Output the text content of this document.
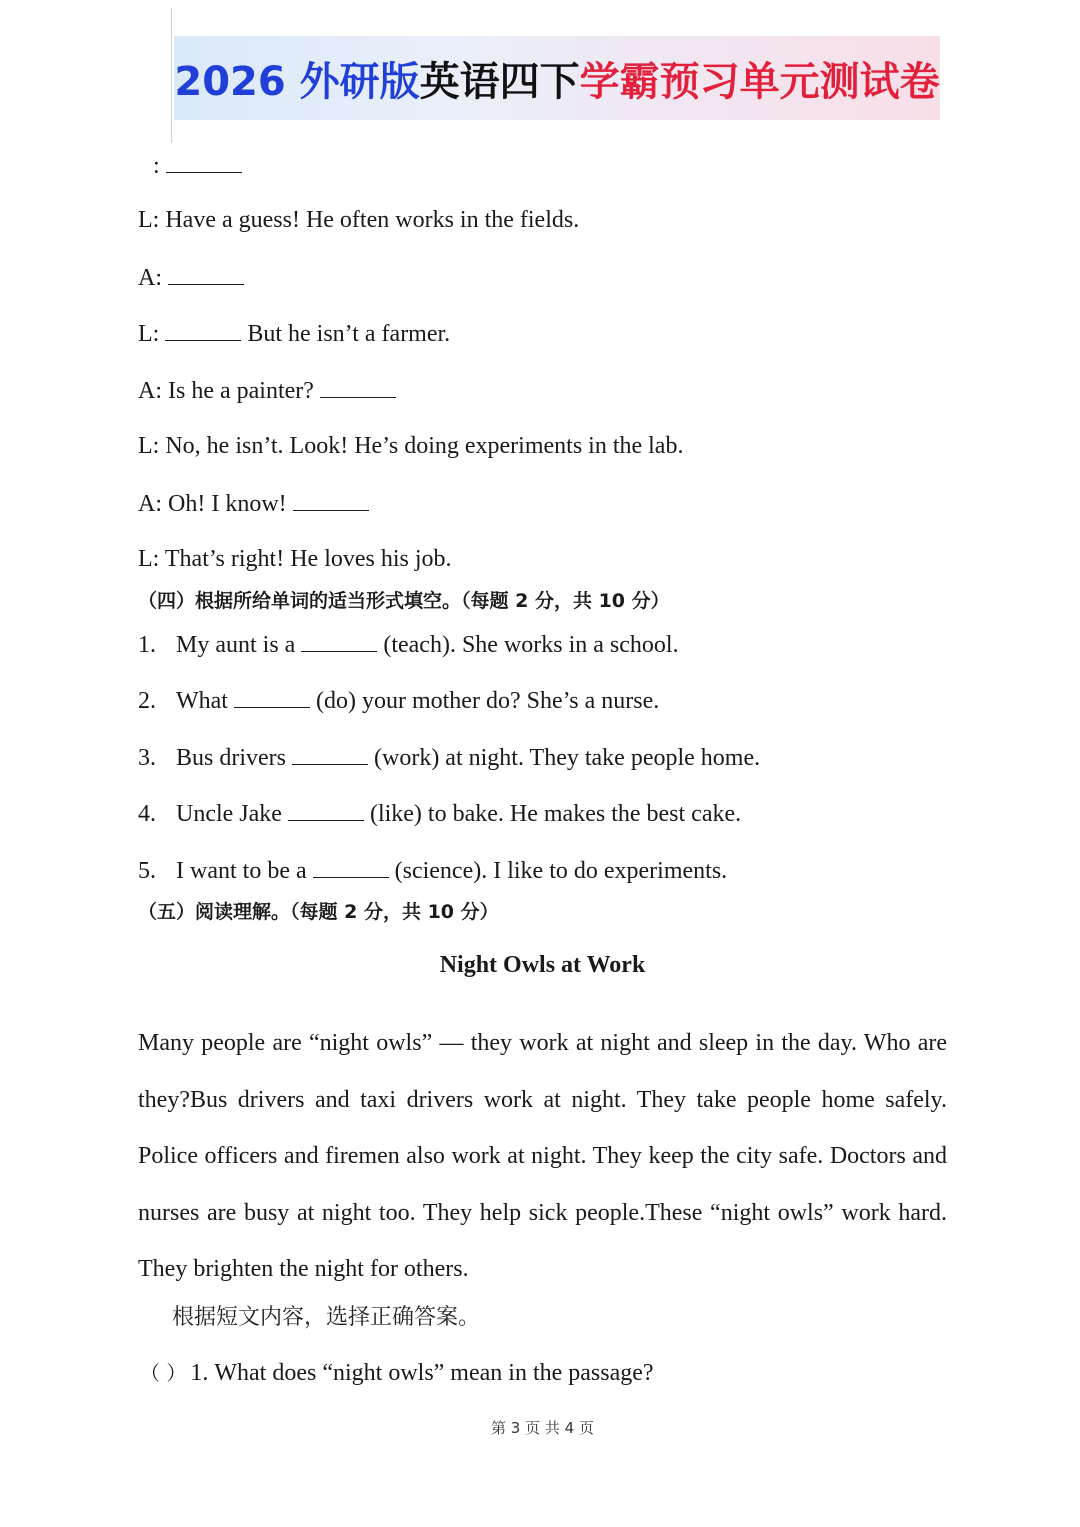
2026 外研版英语四下学霸预习单元测试卷
:
L: Have a guess! He often works in the fields.
A:
L:	But he isn’t a farmer.
A: Is he a painter?
L: No, he isn’t. Look! He’s doing experiments in the lab.
A: Oh! I know!
L: That’s right! He loves his job.
（四）根据所给单词的适当形式填空。（每题 2 分，共 10 分）
1. My aunt is a	(teach). She works in a school.
2. What	(do) your mother do? She’s a nurse.
3. Bus drivers	(work) at night. They take people home.
4. Uncle Jake	(like) to bake. He makes the best cake.
5. I want to be a	(science). I like to do experiments.
（五）阅读理解。（每题 2 分，共 10 分）
Night Owls at Work
Many people are “night owls” — they work at night and sleep in the day. Who are they?Bus drivers and taxi drivers work at night. They take people home safely. Police officers and firemen also work at night. They keep the city safe. Doctors and nurses are busy at night too. They help sick people.These “night owls” work hard. They brighten the night for others.
根据短文内容，选择正确答案。
（ ） 1. What does “night owls” mean in the passage?
第 3 页 共 4 页
